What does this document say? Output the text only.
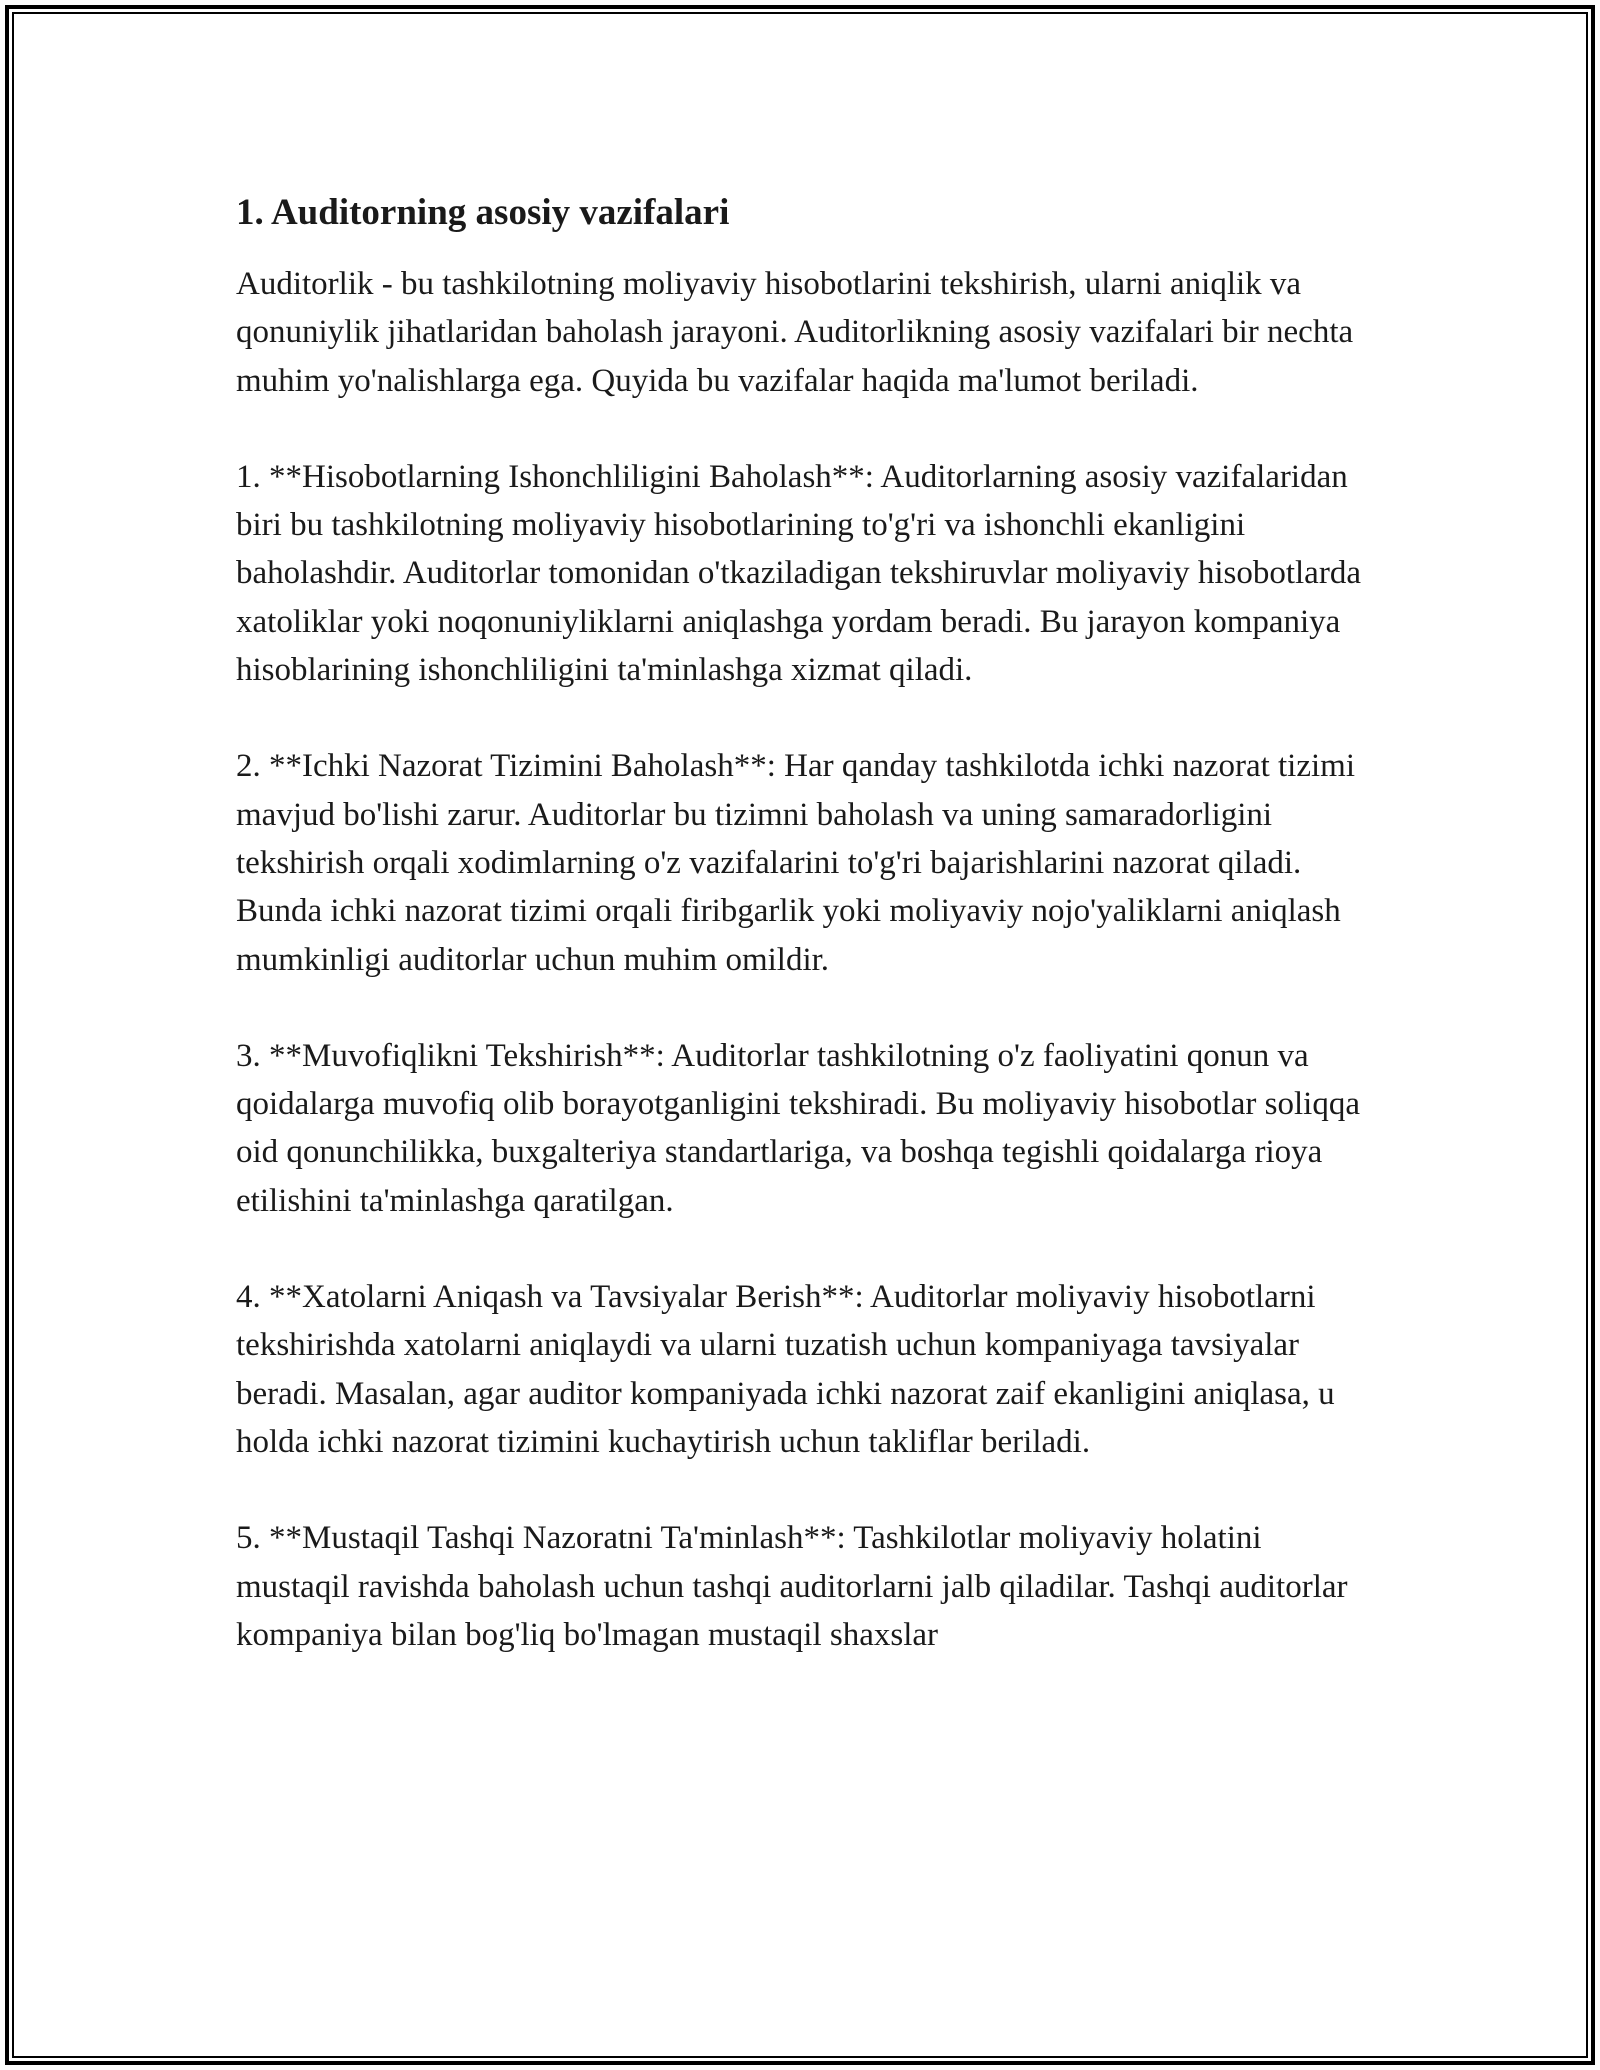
1. Auditorning asosiy vazifalari

Auditorlik - bu tashkilotning moliyaviy hisobotlarini tekshirish, ularni aniqlik va qonuniylik jihatlaridan baholash jarayoni. Auditorlikning asosiy vazifalari bir nechta muhim yo'nalishlarga ega. Quyida bu vazifalar haqida ma'lumot beriladi.

1. **Hisobotlarning Ishonchliligini Baholash**: Auditorlarning asosiy vazifalaridan biri bu tashkilotning moliyaviy hisobotlarining to'g'ri va ishonchli ekanligini baholashdir. Auditorlar tomonidan o'tkaziladigan tekshiruvlar moliyaviy hisobotlarda xatoliklar yoki noqonuniyliklarni aniqlashga yordam beradi. Bu jarayon kompaniya hisoblarining ishonchliligini ta'minlashga xizmat qiladi.

2. **Ichki Nazorat Tizimini Baholash**: Har qanday tashkilotda ichki nazorat tizimi mavjud bo'lishi zarur. Auditorlar bu tizimni baholash va uning samaradorligini tekshirish orqali xodimlarning o'z vazifalarini to'g'ri bajarishlarini nazorat qiladi. Bunda ichki nazorat tizimi orqali firibgarlik yoki moliyaviy nojo'yaliklarni aniqlash mumkinligi auditorlar uchun muhim omildir.

3. **Muvofiqlikni Tekshirish**: Auditorlar tashkilotning o'z faoliyatini qonun va qoidalarga muvofiq olib borayotganligini tekshiradi. Bu moliyaviy hisobotlar soliqqa oid qonunchilikka, buxgalteriya standartlariga, va boshqa tegishli qoidalarga rioya etilishini ta'minlashga qaratilgan.

4. **Xatolarni Aniqash va Tavsiyalar Berish**: Auditorlar moliyaviy hisobotlarni tekshirishda xatolarni aniqlaydi va ularni tuzatish uchun kompaniyaga tavsiyalar beradi. Masalan, agar auditor kompaniyada ichki nazorat zaif ekanligini aniqlasa, u holda ichki nazorat tizimini kuchaytirish uchun takliflar beriladi.

5. **Mustaqil Tashqi Nazoratni Ta'minlash**: Tashkilotlar moliyaviy holatini mustaqil ravishda baholash uchun tashqi auditorlarni jalb qiladilar. Tashqi auditorlar kompaniya bilan bog'liq bo'lmagan mustaqil shaxslar
